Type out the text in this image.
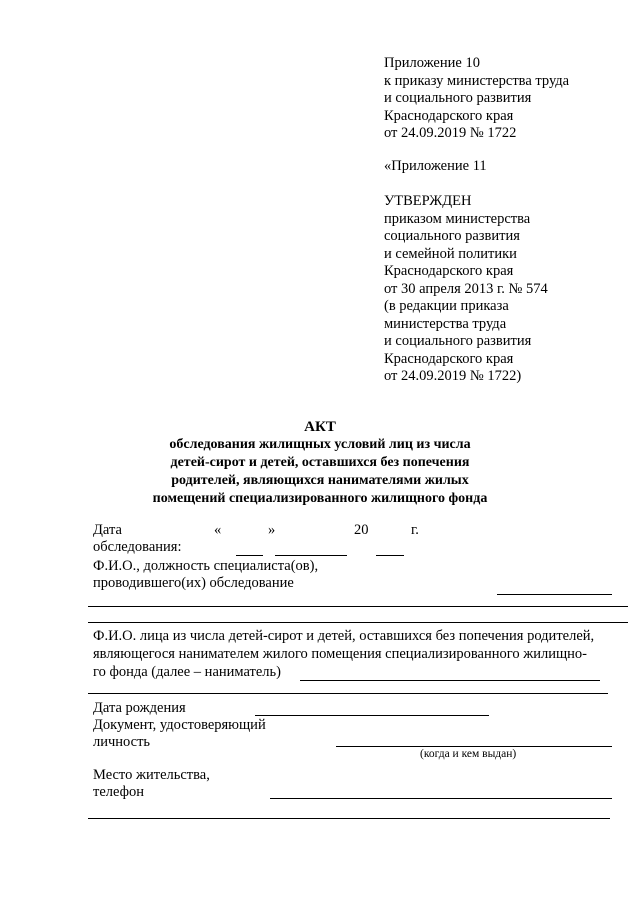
Приложение 10
к приказу министерства труда
и социального развития
Краснодарского края
от 24.09.2019 № 1722
«Приложение 11
УТВЕРЖДЕН
приказом министерства
социального развития
и семейной политики
Краснодарского края
от 30 апреля 2013 г. № 574
(в редакции приказа
министерства труда
и социального развития
Краснодарского края
от 24.09.2019 № 1722)
АКТ
обследования жилищных условий лиц из числа
детей-сирот и детей, оставшихся без попечения
родителей, являющихся нанимателями жилых
помещений специализированного жилищного фонда
Дата
обследования:
«	»	20	г.
Ф.И.О., должность специалиста(ов),
проводившего(их) обследование
Ф.И.О. лица из числа детей-сирот и детей, оставшихся без попечения родителей,
являющегося нанимателем жилого помещения специализированного жилищно-
го фонда (далее – наниматель)
Дата рождения
Документ, удостоверяющий
личность
(когда и кем выдан)
Место жительства,
телефон
